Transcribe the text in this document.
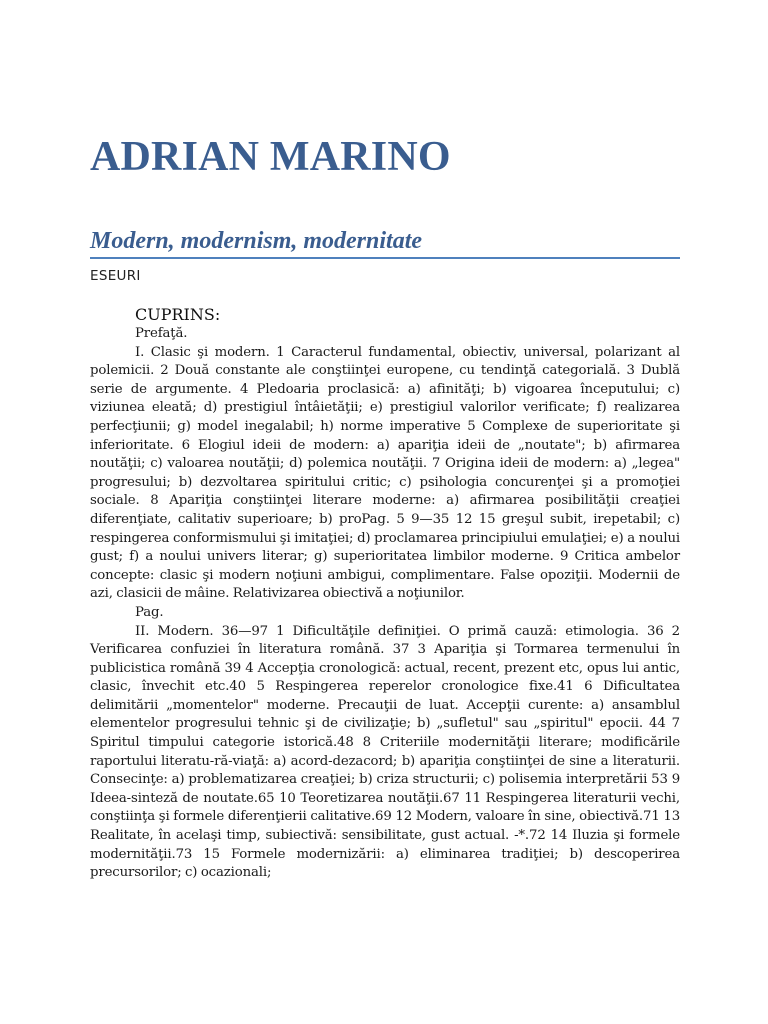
ADRIAN MARINO
Modern, modernism, modernitate
ESEURI
CUPRINS:

Prefaţă.

I. Clasic şi modern. 1 Caracterul fundamental, obiectiv, universal, polarizant al polemicii. 2 Două constante ale conştiinţei europene, cu tendinţă categorială. 3 Dublă serie de argumente. 4 Pledoaria proclasică: a) afinităţi; b) vigoarea începutului; c) viziunea eleată; d) prestigiul întâietăţii; e) prestigiul valorilor verificate; f) realizarea perfecţiunii; g) model inegalabil; h) norme imperative 5 Complexe de superioritate şi inferioritate. 6 Elogiul ideii de modern: a) apariţia ideii de „noutate"; b) afirmarea noutăţii; c) valoarea noutăţii; d) polemica noutăţii. 7 Origina ideii de modern: a) „legea" progresului; b) dezvoltarea spiritului critic; c) psihologia concurenţei şi a promoţiei sociale. 8 Apariţia conştiinţei literare moderne: a) afirmarea posibilităţii creaţiei diferenţiate, calitativ superioare; b) proPag. 5 9—35 12 15 greşul subit, irepetabil; c) respingerea conformismului şi imitaţiei; d) proclamarea principiului emulaţiei; e) a noului gust; f) a noului univers literar; g) superioritatea limbilor moderne. 9 Critica ambelor concepte: clasic şi modern noţiuni ambigui, complimentare. False opoziţii. Modernii de azi, clasicii de mâine. Relativizarea obiectivă a noţiunilor.

Pag.

II. Modern. 36—97 1 Dificultăţile definiţiei. O primă cauză: etimologia. 36 2 Verificarea confuziei în literatura română. 37 3 Apariţia şi Tormarea termenului în publicistica română 39 4 Accepţia cronologică: actual, recent, prezent etc, opus lui antic, clasic, învechit etc.40 5 Respingerea reperelor cronologice fixe.41 6 Dificultatea delimitării „momentelor" moderne. Precauţii de luat. Accepţii curente: a) ansamblul elementelor progresului tehnic şi de civilizaţie; b) „sufletul" sau „spiritul" epocii. 44 7 Spiritul timpului categorie istorică.48 8 Criteriile modernităţii literare; modificările raportului literatu-ră-viaţă: a) acord-dezacord; b) apariţia conştiinţei de sine a literaturii. Consecinţe: a) problematizarea creaţiei; b) criza structurii; c) polisemia interpretării 53 9 Ideea-sinteză de noutate.65 10 Teoretizarea noutăţii.67 11 Respingerea literaturii vechi, conştiinţa şi formele diferenţierii calitative.69 12 Modern, valoare în sine, obiectivă.71 13 Realitate, în acelaşi timp, subiectivă: sensibilitate, gust actual. -*.72 14 Iluzia şi formele modernităţii.73 15 Formele modernizării: a) eliminarea tradiţiei; b) descoperirea precursorilor; c) ocazionali;
